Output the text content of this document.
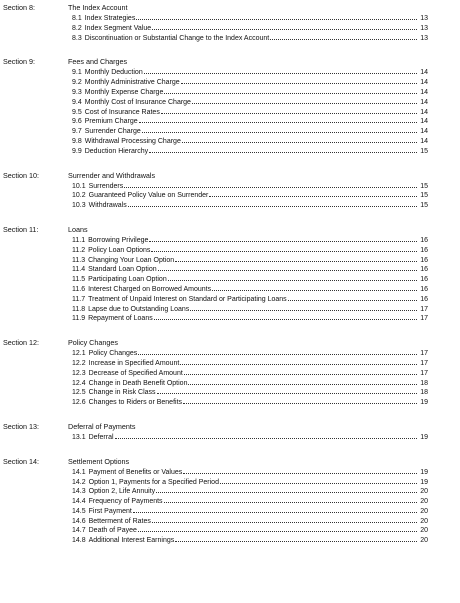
Section 8:	The Index Account
8.1 Index Strategies	13
8.2 Index Segment Value	13
8.3 Discontinuation or Substantial Change to the Index Account	13
Section 9:	Fees and Charges
9.1 Monthly Deduction	14
9.2 Monthly Administrative Charge	14
9.3 Monthly Expense Charge	14
9.4 Monthly Cost of Insurance Charge	14
9.5 Cost of Insurance Rates	14
9.6 Premium Charge	14
9.7 Surrender Charge	14
9.8 Withdrawal Processing Charge	14
9.9 Deduction Hierarchy	15
Section 10:	Surrender and Withdrawals
10.1 Surrenders	15
10.2 Guaranteed Policy Value on Surrender	15
10.3 Withdrawals	15
Section 11:	Loans
11.1 Borrowing Privilege	16
11.2 Policy Loan Options	16
11.3 Changing Your Loan Option	16
11.4 Standard Loan Option	16
11.5 Participating Loan Option	16
11.6 Interest Charged on Borrowed Amounts	16
11.7 Treatment of Unpaid Interest on Standard or Participating Loans	16
11.8 Lapse due to Outstanding Loans	17
11.9 Repayment of Loans	17
Section 12:	Policy Changes
12.1 Policy Changes	17
12.2 Increase in Specified Amount	17
12.3 Decrease of Specified Amount	17
12.4 Change in Death Benefit Option	18
12.5 Change in Risk Class	18
12.6 Changes to Riders or Benefits	19
Section 13:	Deferral of Payments
13.1 Deferral	19
Section 14:	Settlement Options
14.1 Payment of Benefits or Values	19
14.2 Option 1, Payments for a Specified Period	19
14.3 Option 2, Life Annuity	20
14.4 Frequency of Payments	20
14.5 First Payment	20
14.6 Betterment of Rates	20
14.7 Death of Payee	20
14.8 Additional Interest Earnings	20
